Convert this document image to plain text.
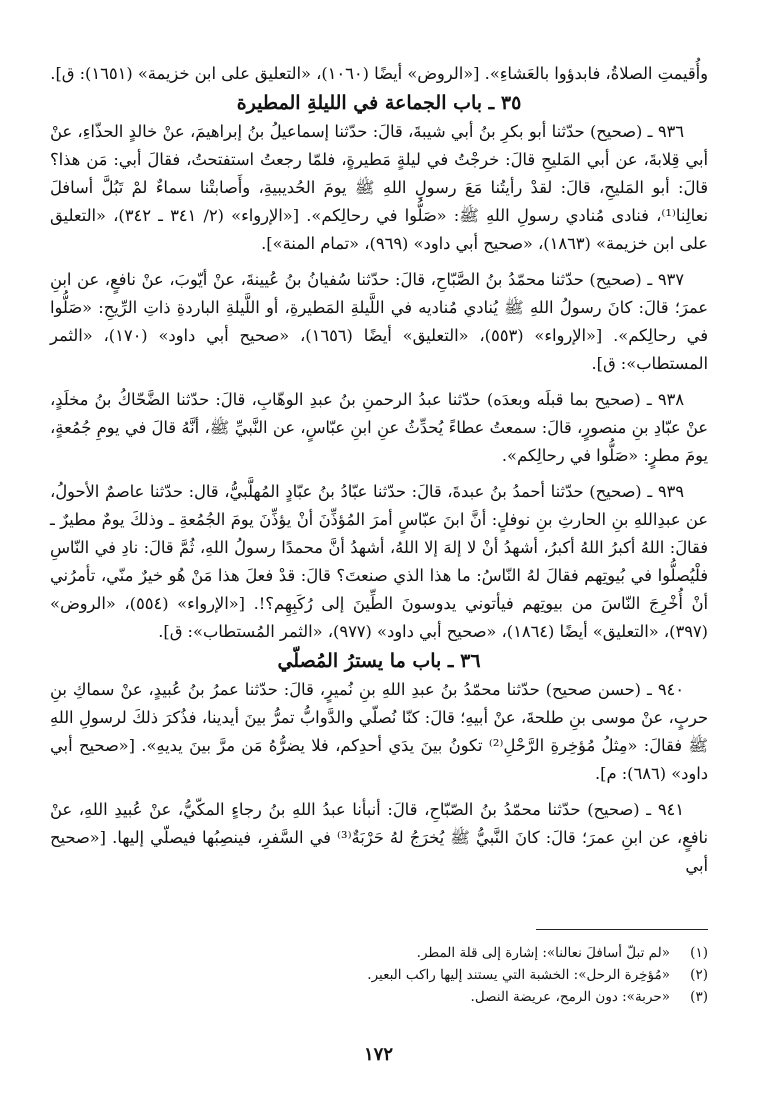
وأُقيمتِ الصلاةُ، فابدؤوا بالعَشاءِ». [«الروض» أيضًا (١٠٦٠)، «التعليق على ابن خزيمة» (١٦٥١): ق].

٣٥ ـ باب الجماعة في الليلةِ المطيرة

٩٣٦ ـ (صحيح) حدّثنا أبو بكرِ بنُ أبي شيبةَ، قالَ: حدّثنا إسماعيلُ بنُ إبراهيمَ، عنْ خالدٍ الحذّاءِ، عنْ أبي قِلابةَ، عن أبي المَليحِ قالَ: خرجْتُ في ليلةٍ مَطيرةٍ، فلمّا رجعتُ استفتحتُ، فقالَ أبي: مَن هذا؟ قالَ: أبو المَليحِ، قالَ: لقدْ رأيتُنا مَعَ رسولِ اللهِ ﷺ يومَ الحُديبيةِ، وأَصابتْنا سماءٌ لمْ تَبُلَّ أسافلَ نعالِنا⁽¹⁾، فنادى مُنادي رسولِ اللهِ ﷺ: «صَلُّوا في رحالِكم». [«الإرواء» (٢/ ٣٤١ ـ ٣٤٢)، «التعليق على ابن خزيمة» (١٨٦٣)، «صحيح أبي داود» (٩٦٩)، «تمام المنة»].

٩٣٧ ـ (صحيح) حدّثنا محمّدُ بنُ الصَّبّاحِ، قالَ: حدّثنا سُفيانُ بنُ عُيينةَ، عنْ أيّوبَ، عنْ نافعٍ، عن ابنِ عمرَ؛ قالَ: كانَ رسولُ اللهِ ﷺ يُنادي مُناديه في اللَّيلةِ المَطيرةِ، أو اللَّيلةِ الباردةِ ذاتِ الرِّيحِ: «صَلُّوا في رحالِكم». [«الإرواء» (٥٥٣)، «التعليق» أيضًا (١٦٥٦)، «صحيح أبي داود» (١٧٠)، «الثمر المستطاب»: ق].

٩٣٨ ـ (صحيح بما قبلَه وبعدَه) حدّثنا عبدُ الرحمنِ بنُ عبدِ الوهّابِ، قالَ: حدّثنا الضَّحّاكُ بنُ مخلَدٍ، عنْ عبّادِ بنِ منصورٍ، قالَ: سمعتُ عطاءً يُحدِّثُ عنِ ابنِ عبّاسٍ، عن النَّبيِّ ﷺ، أنَّهُ قالَ في يومِ جُمُعةٍ، يومَ مطرٍ: «صَلُّوا في رحالِكم».

٩٣٩ ـ (صحيح) حدّثنا أحمدُ بنُ عبدةَ، قالَ: حدّثنا عبّادُ بنُ عبّادٍ المُهلَّبيُّ، قال: حدّثنا عاصمٌ الأحولُ، عن عبدِاللهِ بنِ الحارثِ بنِ نوفلٍ: أنَّ ابنَ عبّاسٍ أمرَ المُؤذِّنَ أنْ يؤذِّنَ يومَ الجُمُعةِ ـ وذلكَ يومٌ مطيرٌ ـ فقالَ: اللهُ أكبرُ اللهُ أكبرُ، أشهدُ أنْ لا إلهَ إلا اللهُ، أشهدُ أنَّ محمدًا رسولُ اللهِ، ثُمَّ قالَ: نادِ في النّاسِ فلْيُصلُّوا في بُيوتِهم فقالَ لهُ النّاسُ: ما هذا الذي صنعتَ؟ قالَ: قدْ فعلَ هذا مَنْ هُو خيرٌ منّي، تأمرُني أنْ أُخْرِجَ النّاسَ من بيوتِهم فيأتوني يدوسونَ الطِّينَ إلى رُكَبِهِم؟!. [«الإرواء» (٥٥٤)، «الروض» (٣٩٧)، «التعليق» أيضًا (١٨٦٤)، «صحيح أبي داود» (٩٧٧)، «الثمر المُستطاب»: ق].

٣٦ ـ باب ما يسترُ المُصلّي

٩٤٠ ـ (حسن صحيح) حدّثنا محمّدُ بنُ عبدِ اللهِ بنِ نُميرٍ، قالَ: حدّثنا عمرُ بنُ عُبيدٍ، عنْ سماكِ بنِ حربٍ، عنْ موسى بنِ طلحةَ، عنْ أبيهِ؛ قالَ: كنّا نُصلّي والدَّوابُّ تمرُّ بينَ أيدينا، فذُكرَ ذلكَ لرسولِ اللهِ ﷺ فقالَ: «مِثلُ مُؤخِرةِ الرَّحْلِ⁽²⁾ تكونُ بينَ يدَي أحدِكم، فلا يضرُّهُ مَن مرَّ بينَ يديهِ». [«صحيح أبي داود» (٦٨٦): م].

٩٤١ ـ (صحيح) حدّثنا محمّدُ بنُ الصّبّاحِ، قالَ: أنبأنا عبدُ اللهِ بنُ رجاءٍ المكّيُّ، عنْ عُبيدِ اللهِ، عنْ نافعٍ، عن ابنِ عمرَ؛ قالَ: كانَ النَّبيُّ ﷺ يُخرَجُ لهُ حَرْبَةٌ⁽³⁾ في السَّفرِ، فينصِبُها فيصلّي إليها. [«صحيح أبي

(١)
«لم تبلّ أسافلَ نعالنا»: إشارة إلى قلة المطر.
(٢)
«مُؤخِرة الرحل»: الخشبة التي يستند إليها راكب البعير.
(٣)
«حربة»: دون الرمح، عريضة النصل.
١٧٢
